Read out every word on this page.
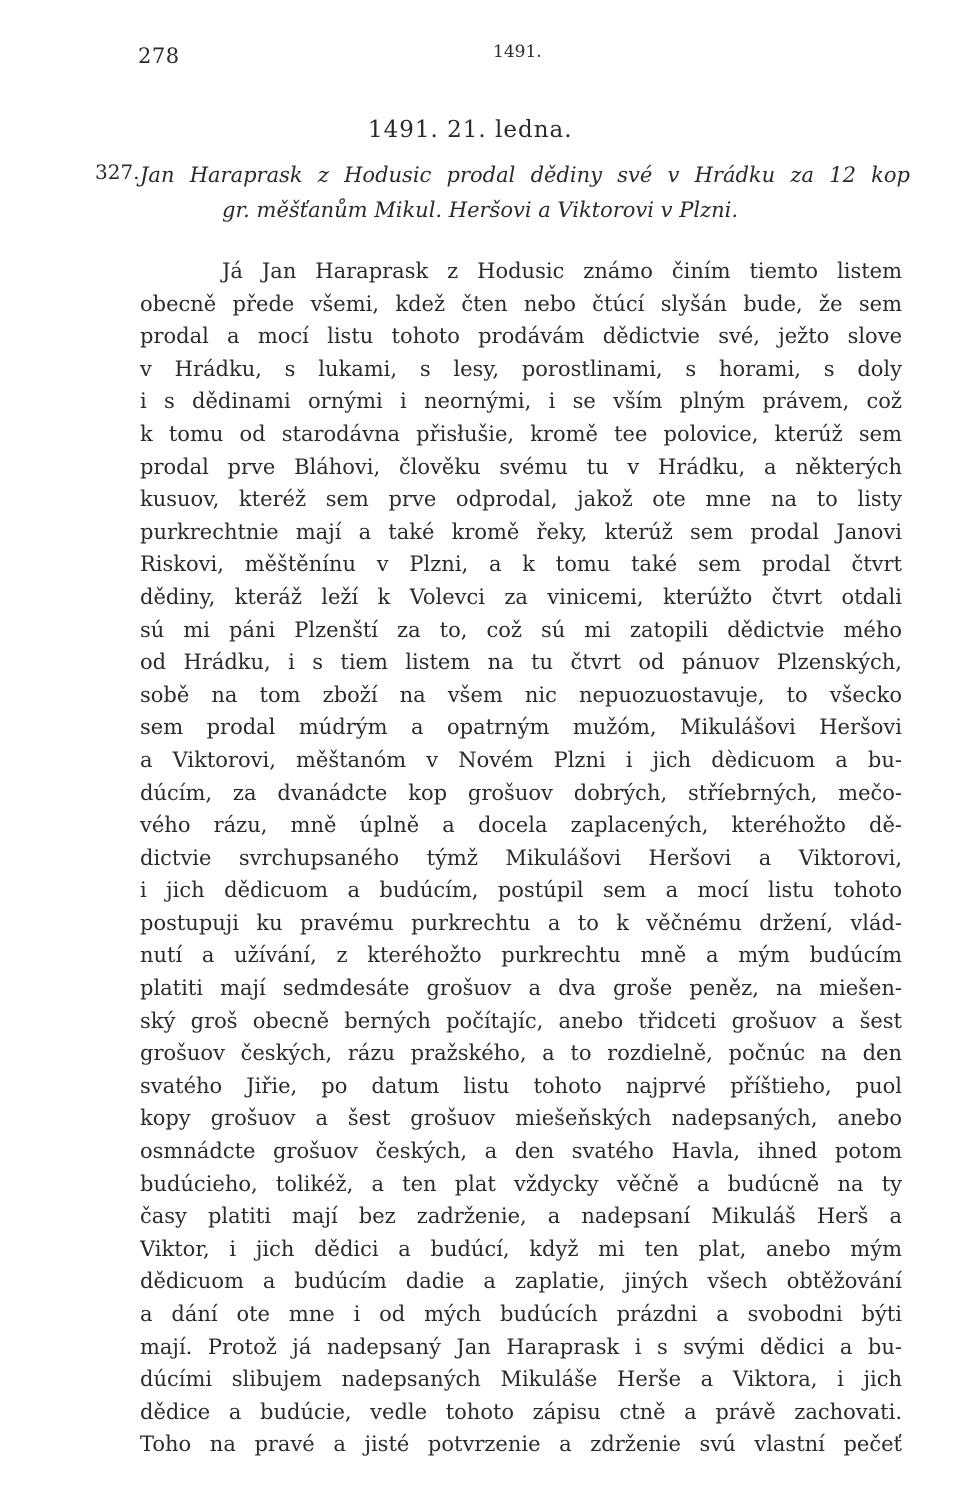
278	1491.
1491. 21. ledna.
327. Jan Haraprask z Hodusic prodal dědiny své v Hrádku za 12 kop
gr. měšťanům Mikul. Heršovi a Viktorovi v Plzni.
Já Jan Haraprask z Hodusic známo činím tiemto listem
obecně přede všemi, kdež čten nebo čtúcí slyšán bude, že sem
prodal a mocí listu tohoto prodávám dědictvie své, ježto slove
v Hrádku, s lukami, s lesy, porostlinami, s horami, s doly
i s dědinami ornými i neornými, i se vším plným právem, což
k tomu od starodávna přisłušie, kromě tee polovice, kterúž sem
prodal prve Bláhovi, člověku svému tu v Hrádku, a některých
kusuov, kteréž sem prve odprodal, jakož ote mne na to listy
purkrechtnie mají a také kromě řeky, kterúž sem prodal Janovi
Riskovi, měštěnínu v Plzni, a k tomu také sem prodal čtvrt
dědiny, kteráž leží k Volevci za vinicemi, kterúžto čtvrt otdali
sú mi páni Plzenští za to, což sú mi zatopili dědictvie mého
od Hrádku, i s tiem listem na tu čtvrt od pánuov Plzenských,
sobě na tom zboží na všem nic nepuozuostavuje, to všecko
sem prodal múdrým a opatrným mužóm, Mikulášovi Heršovi
a Viktorovi, měštanóm v Novém Plzni i jich dèdicuom a bu-
dúcím, za dvanádcte kop grošuov dobrých, stříebrných, mečo-
vého rázu, mně úplně a docela zaplacených, kteréhožto dě-
dictvie svrchupsaného týmž Mikulášovi Heršovi a Viktorovi,
i jich dědicuom a budúcím, postúpil sem a mocí listu tohoto
postupuji ku pravému purkrechtu a to k věčnému držení, vlád-
nutí a užívání, z kteréhožto purkrechtu mně a mým budúcím
platiti mají sedmdesáte grošuov a dva groše peněz, na miešen-
ský groš obecně berných počítajíc, anebo třidceti grošuov a šest
grošuov českých, rázu pražského, a to rozdielně, počnúc na den
svatého Jiřie, po datum listu tohoto najprvé příštieho, puol
kopy grošuov a šest grošuov miešeňských nadepsaných, anebo
osmnádcte grošuov českých, a den svatého Havla, ihned potom
budúcieho, tolikéž, a ten plat vždycky věčně a budúcně na ty
časy platiti mají bez zadrženie, a nadepsaní Mikuláš Herš a
Viktor, i jich dědici a budúcí, když mi ten plat, anebo mým
dědicuom a budúcím dadie a zaplatie, jiných všech obtěžování
a dání ote mne i od mých budúcích prázdni a svobodni býti
mají. Protož já nadepsaný Jan Haraprask i s svými dědici a bu-
dúcími slibujem nadepsaných Mikuláše Herše a Viktora, i jich
dědice a budúcie, vedle tohoto zápisu ctně a právě zachovati.
Toho na pravé a jisté potvrzenie a zdrženie svú vlastní pečeť
